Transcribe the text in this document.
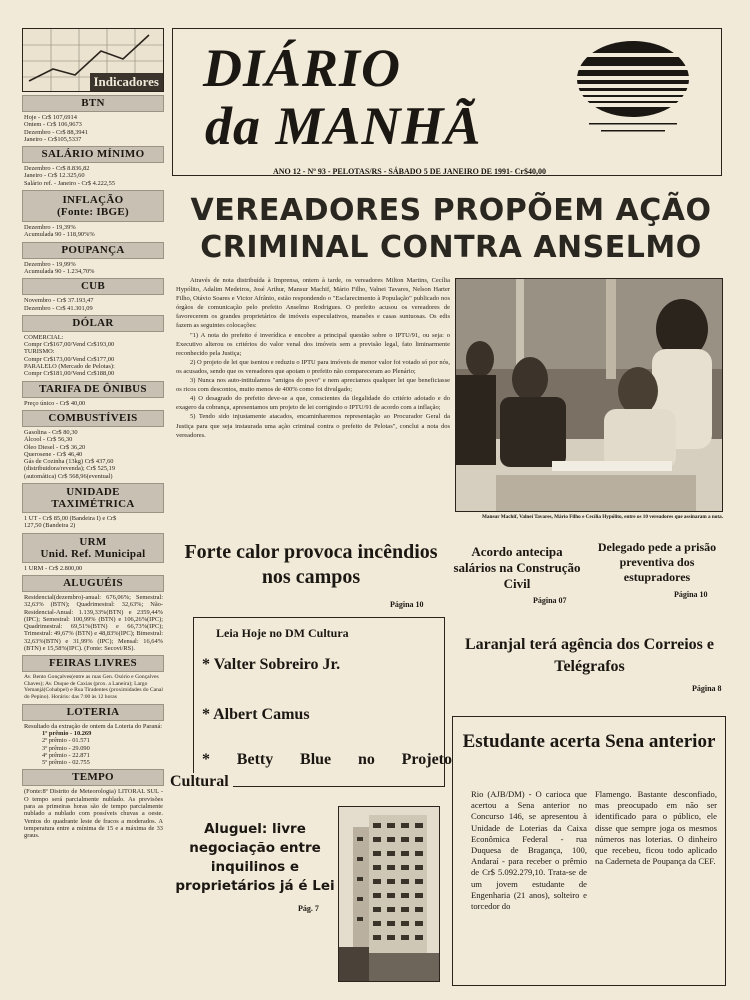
Indicadores
BTN
Hoje - Cr$ 107,6914
Ontem - Cr$ 106,9673
Dezembro - Cr$ 88,3941
Janeiro - Cr$105,5337
SALÁRIO MÍNIMO
Dezembro - Cr$ 8.836,82
Janeiro - Cr$ 12.325,60
Salário ref. - Janeiro - Cr$ 4.222,55
INFLAÇÃO
(Fonte: IBGE)
Dezembro - 19,39%
Acumulada 90 - 118,90%%
POUPANÇA
Dezembro - 19,99%
Acumulada 90 - 1.234,70%
CUB
Novembro - Cr$ 37.193,47
Dezembro - Cr$ 41.301,09
DÓLAR
COMERCIAL:
Compr Cr$167,00/Vend Cr$193,00
TURISMO:
Compr Cr$173,00/Vend Cr$177,00
PARALELO (Mercado de Pelotas):
Compr Cr$181,00/Vend Cr$188,00
TARIFA DE ÔNIBUS
Preço único - Cr$ 40,00
COMBUSTÍVEIS
Gasolina - Cr$ 80,30
Álcool - Cr$ 56,30
Óleo Diesel - Cr$ 36,20
Querosene - Cr$ 46,40
Gás de Cozinha (13kg) Cr$ 437,60
(distribuidora/revenda); Cr$ 525,19
(automática) Cr$ 568,96(eventual)
UNIDADE
TAXIMÉTRICA
1 UT - Cr$ 85,00 (Bandeira I) e Cr$
127,50 (Bandeira 2)
URM
Unid. Ref. Municipal
1 URM - Cr$ 2.800,00
ALUGUÉIS
Residencial(dezembro)-anual: 676,06%; Semestral: 32,63% (BTN); Quadrimestral: 32,63%; Não-Residencial-Anual: 1.139,33%(BTN) e 2359,44%(IPC); Semestral: 100,99% (BTN) e 106,26%(IPC); Quadrimestral: 69,51%(BTN) e 66,73%(IPC); Trimestral: 49,67% (BTN) e 48,83%(IPC); Bimestral: 32,63%(BTN) e 31,99% (IPC); Mensal: 16,64%(BTN) e 15,58%(IPC). (Fonte: Secovi/RS).
FEIRAS LIVRES
Av. Bento Gonçalves(entre as ruas Gen. Osório e Gonçalves Chaves); Av. Duque de Caxias (prox. a Laneira); Largo Yemanjá(Cohabpel) e Rua Tiradentes (proximidades do Canal do Pepino). Horário: das 7:00 às 12 horas
LOTERIA
Resultado da extração de ontem da Loteria do Paraná:
1º prêmio - 10.269
2º prêmio - 01.571
3º prêmio - 29.090
4º prêmio - 22.871
5º prêmio - 02.755
TEMPO
(Fonte:8º Distrito de Meteorologia) LITORAL SUL - O tempo será parcialmente nublado. As previsões para as primeiras horas são de tempo parcialmente nublado a nublado com possíveis chuvas a oeste. Ventos do quadrante leste de fracos a moderados. A temperatura entre a mínima de 15 e a máxima de 33 graus.
DIÁRIO
da MANHÃ
ANO 12 - Nº 93 - PELOTAS/RS - SÁBADO 5 DE JANEIRO DE 1991- Cr$40,00
VEREADORES PROPÕEM AÇÃO
CRIMINAL CONTRA ANSELMO

Através de nota distribuída à Imprensa, ontem à tarde, os vereadores Milton Martins, Cecília Hypólito, Adalim Medeiros, José Arthur, Mansur Machif, Mário Filho, Valnei Tavares, Nelson Harter Filho, Otávio Soares e Victor Afrânio, estão respondendo o "Esclarecimento à População" publicado nos órgãos de comunicação pelo prefeito Anselmo Rodrigues. O prefeito acusou os vereadores de favorecerem os grandes proprietários de imóveis especulativos, mansões e casas suntuosas. Os edis fazem as seguintes colocações:

"1) A nota do prefeito é inverídica e encobre a principal questão sobre o IPTU/91, ou seja: o Executivo alterou os critérios do valor venal dos imóveis sem a previsão legal, fato liminarmente reconhecido pela Justiça;

2) O projeto de lei que isentou e reduziu o IPTU para imóveis de menor valor foi votado só por nós, os acusados, sendo que os vereadores que apoiam o prefeito não compareceram ao Plenário;

3) Nunca nos auto-intitulamos "amigos do povo" e nem apreciamos qualquer lei que beneficiasse os ricos com descontos, muito menos de 400% como foi divulgado;

4) O desagrado do prefeito deve-se a que, conscientes da ilegalidade do critério adotado e do exagero da cobrança, apresentamos um projeto de lei corrigindo o IPTU/91 de acordo com a inflação;

5) Tendo sido injustamente atacados, encaminharemos representação ao Procurador Geral da Justiça para que seja instaurada uma ação criminal contra o prefeito de Pelotas", conclui a nota dos vereadores.

Mansur Machif, Valnei Tavares, Mário Filho e Cecília Hypólito, entre os 10 vereadores que assinaram a nota.
Forte calor provoca incêndios nos campos
Página 10
Acordo antecipa salários na Construção Civil
Página 07
Delegado pede a prisão preventiva dos estupradores
Página 10
Leia Hoje no DM Cultura
* Valter Sobreiro Jr.
* Albert Camus
* Betty Blue no Projeto
Cultural
Laranjal terá agência dos Correios e Telégrafos
Página 8
Estudante acerta Sena anterior
Rio (AJB/DM) - O carioca que acertou a Sena anterior no Concurso 146, se apresentou à Unidade de Loterias da Caixa Econômica Federal - rua Duquesa de Bragança, 100, Andaraí - para receber o prêmio de Cr$ 5.092.279,10. Trata-se de um jovem estudante de Engenharia (21 anos), solteiro e torcedor do
Flamengo. Bastante desconfiado, mas preocupado em não ser identificado para o público, ele disse que sempre joga os mesmos números nas loterias. O dinheiro que recebeu, ficou todo aplicado na Caderneta de Poupança da CEF.
Aluguel: livre negociação entre inquilinos e proprietários já é Lei
Pág. 7
